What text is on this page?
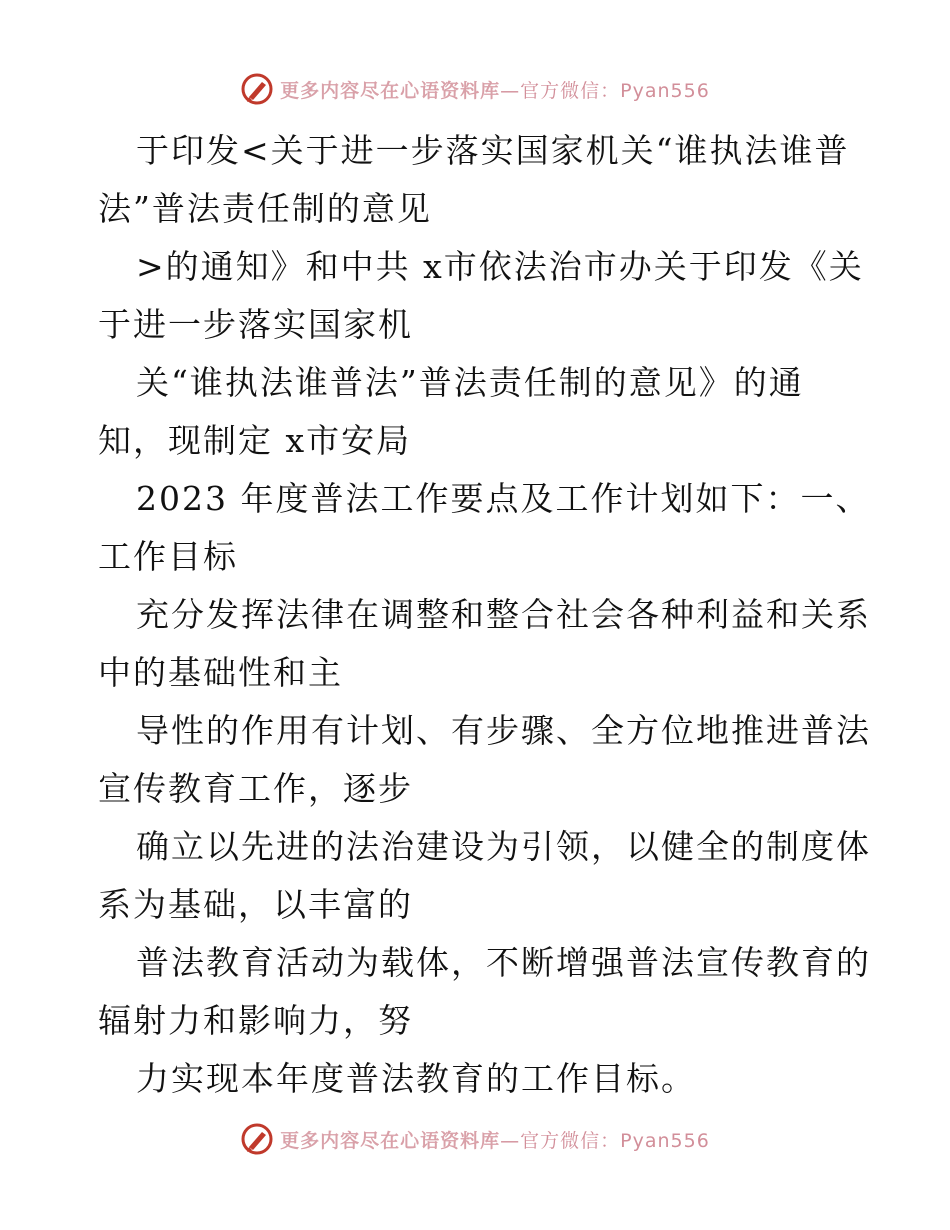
更多内容尽在心语资料库—官方微信：Pyan556
于印发<关于进一步落实国家机关“谁执法谁普
法”普法责任制的意见
>的通知》和中共 x市依法治市办关于印发《关
于进一步落实国家机
关“谁执法谁普法”普法责任制的意见》的通
知，现制定 x市安局
2023 年度普法工作要点及工作计划如下：一、
工作目标
充分发挥法律在调整和整合社会各种利益和关系
中的基础性和主
导性的作用有计划、有步骤、全方位地推进普法
宣传教育工作，逐步
确立以先进的法治建设为引领，以健全的制度体
系为基础，以丰富的
普法教育活动为载体，不断增强普法宣传教育的
辐射力和影响力，努
力实现本年度普法教育的工作目标。
更多内容尽在心语资料库—官方微信：Pyan556
